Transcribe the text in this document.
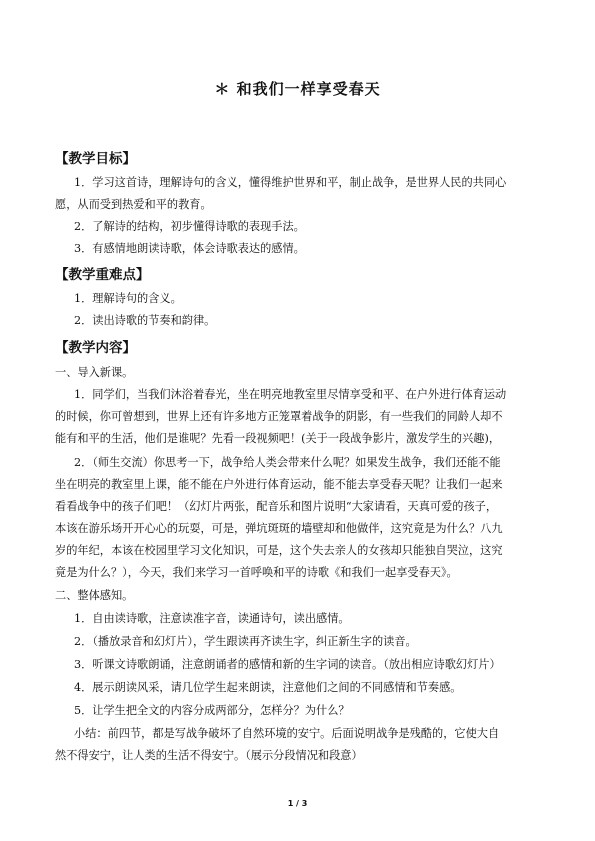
＊ 和我们一样享受春天
【教学目标】
1．学习这首诗，理解诗句的含义，懂得维护世界和平，制止战争，是世界人民的共同心
愿，从而受到热爱和平的教育。
2．了解诗的结构，初步懂得诗歌的表现手法。
3．有感情地朗读诗歌，体会诗歌表达的感情。
【教学重难点】
1．理解诗句的含义。
2．读出诗歌的节奏和韵律。
【教学内容】
一、导入新课。
1．同学们，当我们沐浴着春光，坐在明亮地教室里尽情享受和平、在户外进行体育运动
的时候，你可曾想到，世界上还有许多地方正笼罩着战争的阴影，有一些我们的同龄人却不
能有和平的生活，他们是谁呢？先看一段视频吧！(关于一段战争影片，激发学生的兴趣)，
2．（师生交流）你思考一下，战争给人类会带来什么呢？如果发生战争，我们还能不能
坐在明亮的教室里上课，能不能在户外进行体育运动，能不能去享受春天呢？让我们一起来
看看战争中的孩子们吧！（幻灯片两张，配音乐和图片说明“大家请看，天真可爱的孩子，
本该在游乐场开开心心的玩耍，可是，弹坑斑斑的墙壁却和他做伴，这究竟是为什么？八九
岁的年纪，本该在校园里学习文化知识，可是，这个失去亲人的女孩却只能独自哭泣，这究
竟是为什么？），今天，我们来学习一首呼唤和平的诗歌《和我们一起享受春天》。
二、整体感知。
1．自由读诗歌，注意读准字音，读通诗句，读出感情。
2．（播放录音和幻灯片），学生跟读再齐读生字，纠正新生字的读音。
3．听课文诗歌朗诵，注意朗诵者的感情和新的生字词的读音。（放出相应诗歌幻灯片）
4．展示朗读风采，请几位学生起来朗读，注意他们之间的不同感情和节奏感。
5．让学生把全文的内容分成两部分，怎样分？为什么？
小结：前四节，都是写战争破坏了自然环境的安宁。后面说明战争是残酷的，它使大自
然不得安宁，让人类的生活不得安宁。（展示分段情况和段意）
1 / 3
